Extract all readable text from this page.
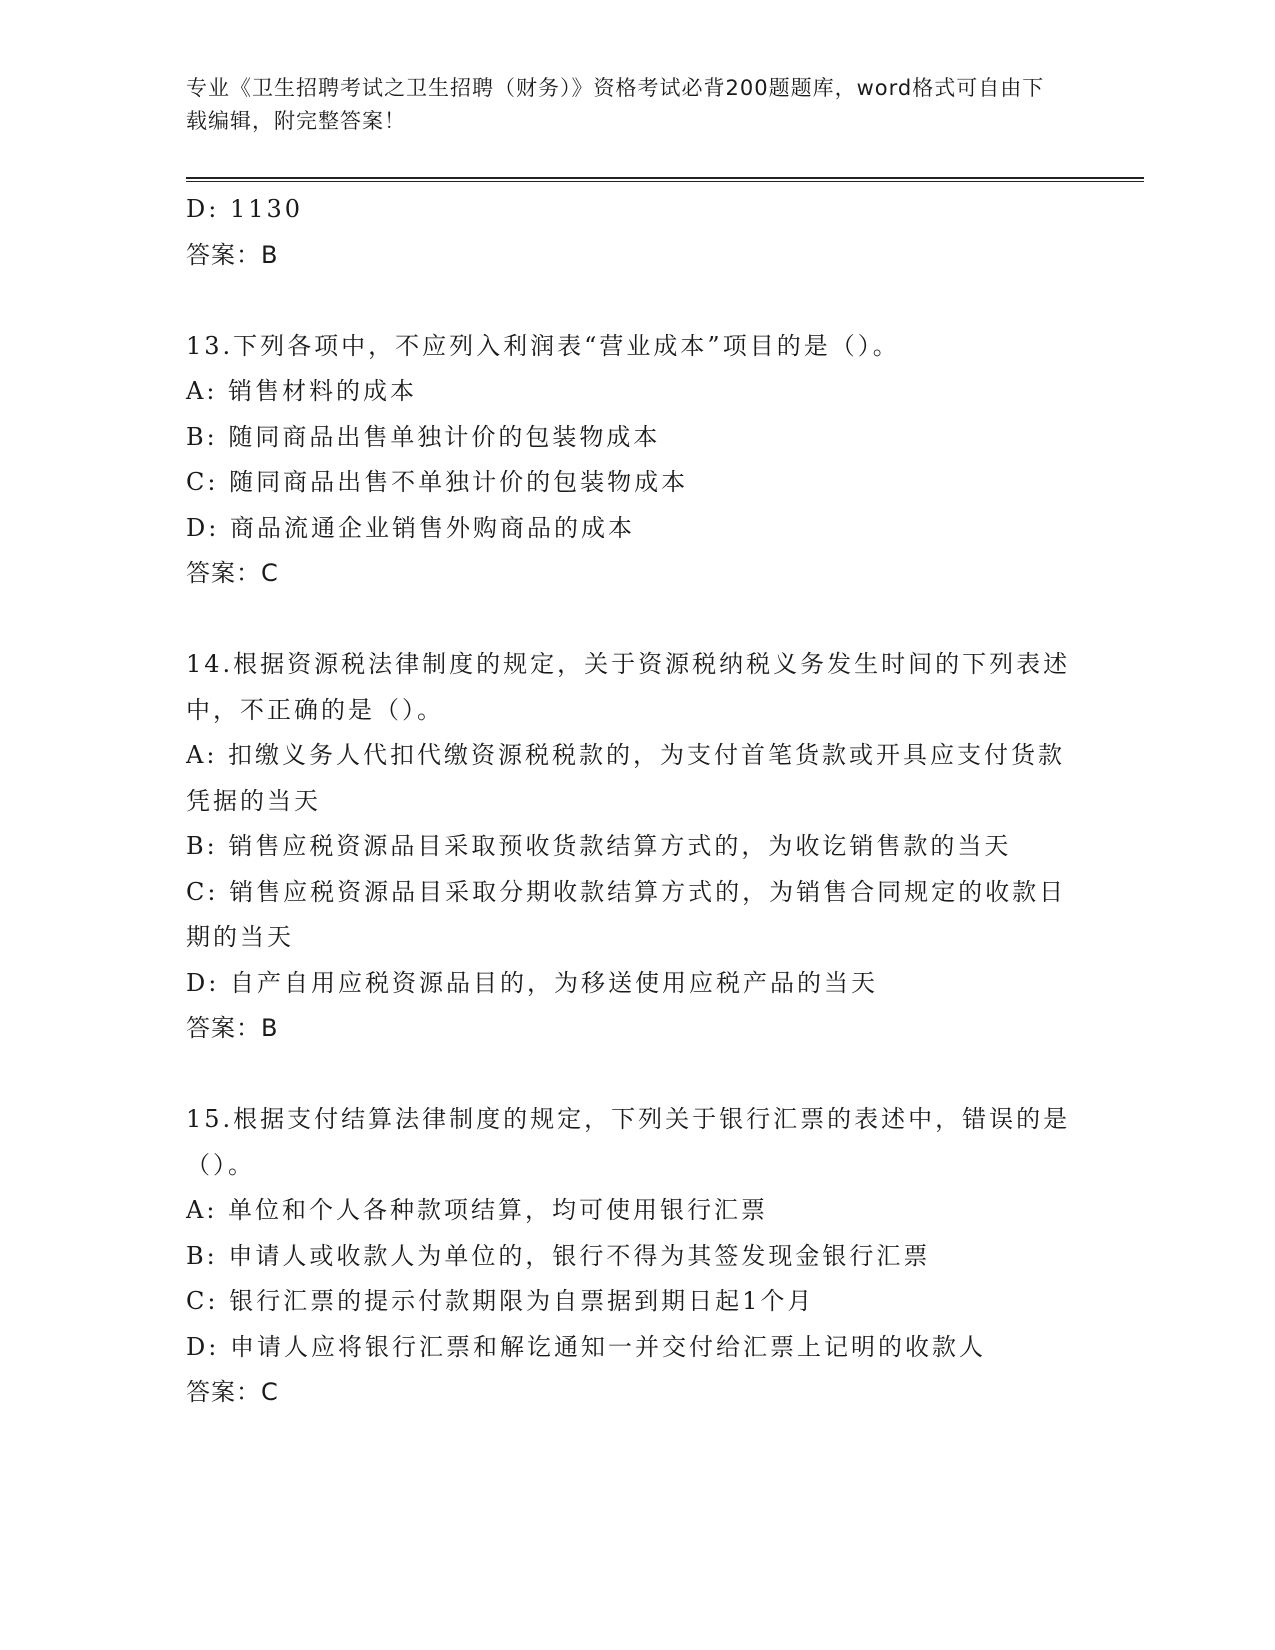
专业《卫生招聘考试之卫生招聘（财务）》资格考试必背200题题库，word格式可自由下载编辑，附完整答案！

D: 1130

答案：B

13.下列各项中，不应列入利润表“营业成本”项目的是（）。

A: 销售材料的成本

B: 随同商品出售单独计价的包装物成本

C: 随同商品出售不单独计价的包装物成本

D: 商品流通企业销售外购商品的成本

答案：C

14.根据资源税法律制度的规定，关于资源税纳税义务发生时间的下列表述中，不正确的是（）。

A: 扣缴义务人代扣代缴资源税税款的，为支付首笔货款或开具应支付货款凭据的当天

B: 销售应税资源品目采取预收货款结算方式的，为收讫销售款的当天

C: 销售应税资源品目采取分期收款结算方式的，为销售合同规定的收款日期的当天

D: 自产自用应税资源品目的，为移送使用应税产品的当天

答案：B

15.根据支付结算法律制度的规定，下列关于银行汇票的表述中，错误的是（）。

A: 单位和个人各种款项结算，均可使用银行汇票

B: 申请人或收款人为单位的，银行不得为其签发现金银行汇票

C: 银行汇票的提示付款期限为自票据到期日起1个月

D: 申请人应将银行汇票和解讫通知一并交付给汇票上记明的收款人

答案：C
